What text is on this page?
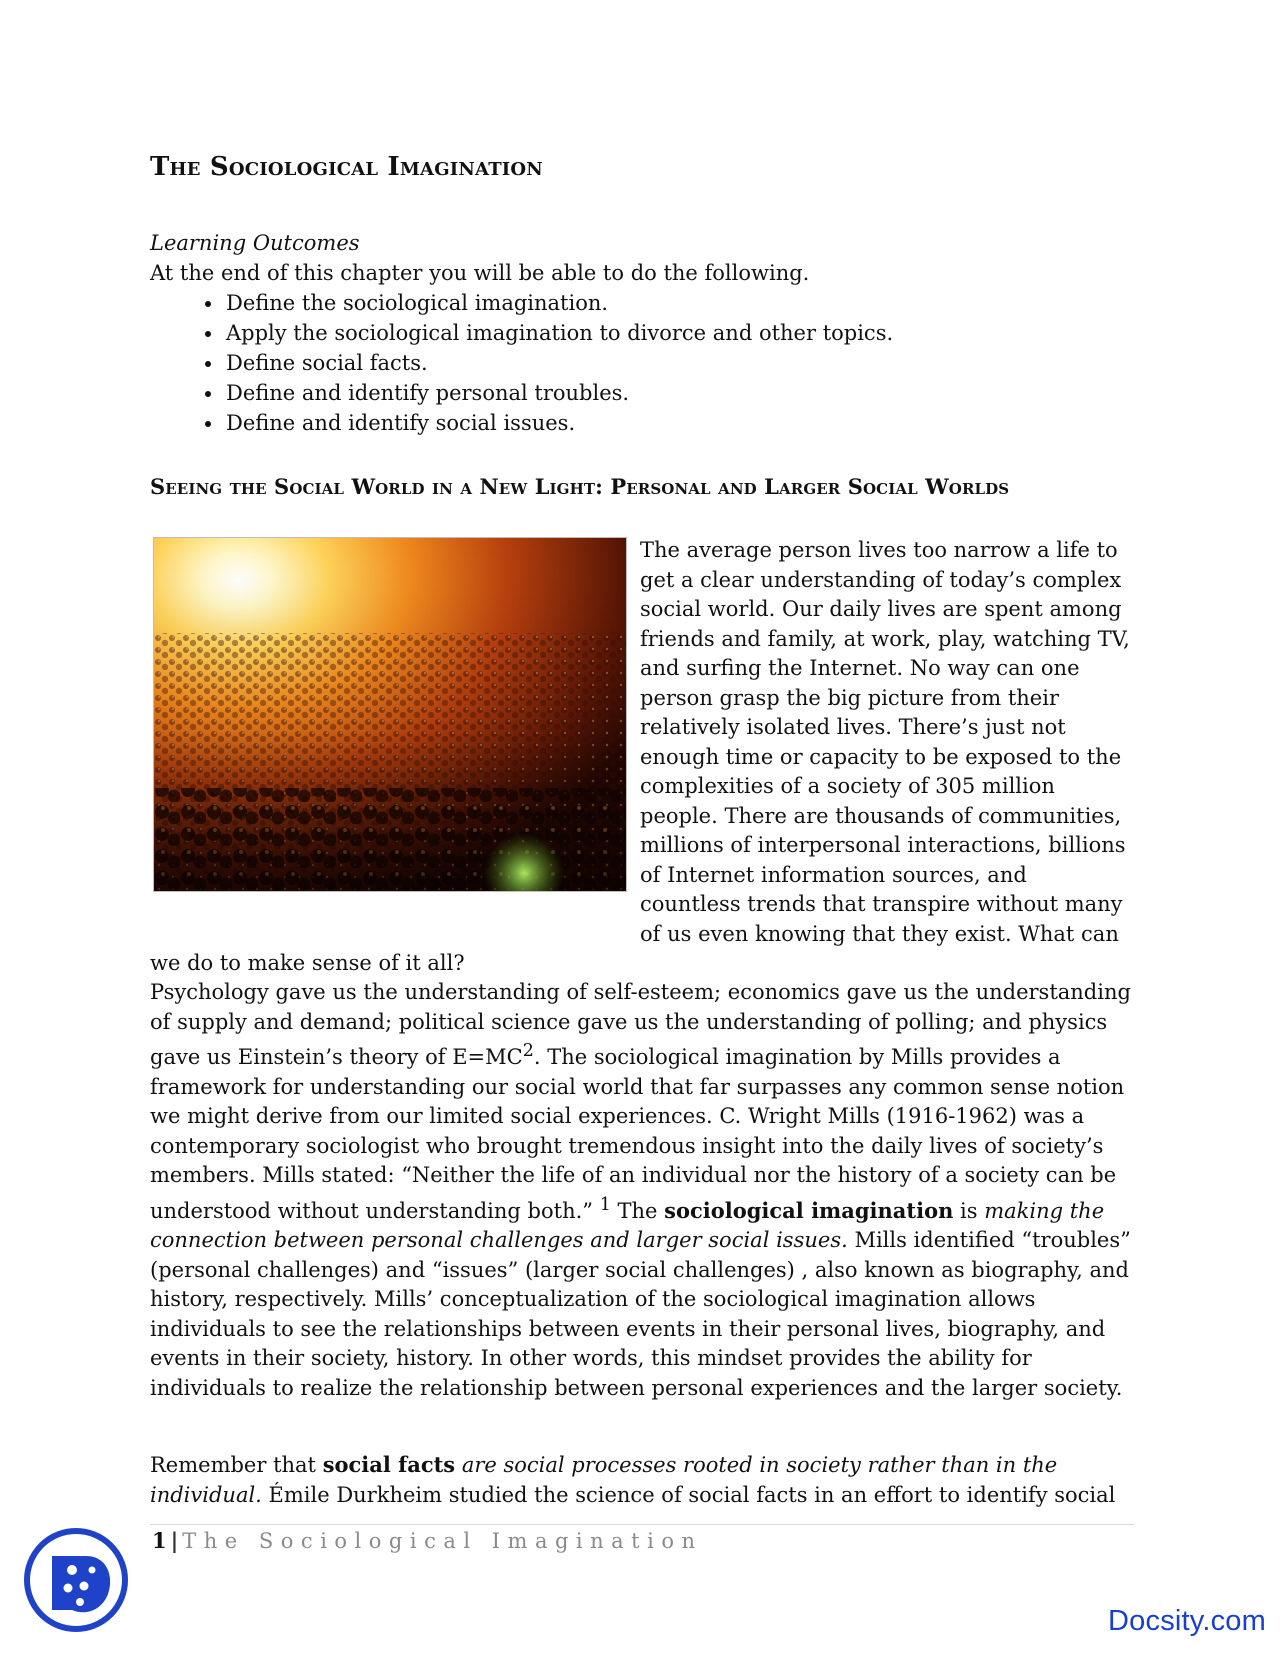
The Sociological Imagination
Learning Outcomes
At the end of this chapter you will be able to do the following.
• Define the sociological imagination.
• Apply the sociological imagination to divorce and other topics.
• Define social facts.
• Define and identify personal troubles.
• Define and identify social issues.
Seeing the Social World in a New Light: Personal and Larger Social Worlds
The average person lives too narrow a life to get a clear understanding of today’s complex social world. Our daily lives are spent among friends and family, at work, play, watching TV, and surfing the Internet. No way can one person grasp the big picture from their relatively isolated lives. There’s just not enough time or capacity to be exposed to the complexities of a society of 305 million people. There are thousands of communities, millions of interpersonal interactions, billions of Internet information sources, and countless trends that transpire without many of us even knowing that they exist. What can we do to make sense of it all?

Psychology gave us the understanding of self-esteem; economics gave us the understanding of supply and demand; political science gave us the understanding of polling; and physics gave us Einstein’s theory of $E=MC^2$. The sociological imagination by Mills provides a framework for understanding our social world that far surpasses any common sense notion we might derive from our limited social experiences. C. Wright Mills (1916-1962) was a contemporary sociologist who brought tremendous insight into the daily lives of society’s members. Mills stated: “Neither the life of an individual nor the history of a society can be understood without understanding both.” $^1$ The sociological imagination is making the connection between personal challenges and larger social issues. Mills identified “troubles” (personal challenges) and “issues” (larger social challenges) , also known as biography, and history, respectively. Mills’ conceptualization of the sociological imagination allows individuals to see the relationships between events in their personal lives, biography, and events in their society, history. In other words, this mindset provides the ability for individuals to realize the relationship between personal experiences and the larger society.

Remember that social facts are social processes rooted in society rather than in the individual. Émile Durkheim studied the science of social facts in an effort to identify social

1 | The Sociological Imagination
Docsity.com
